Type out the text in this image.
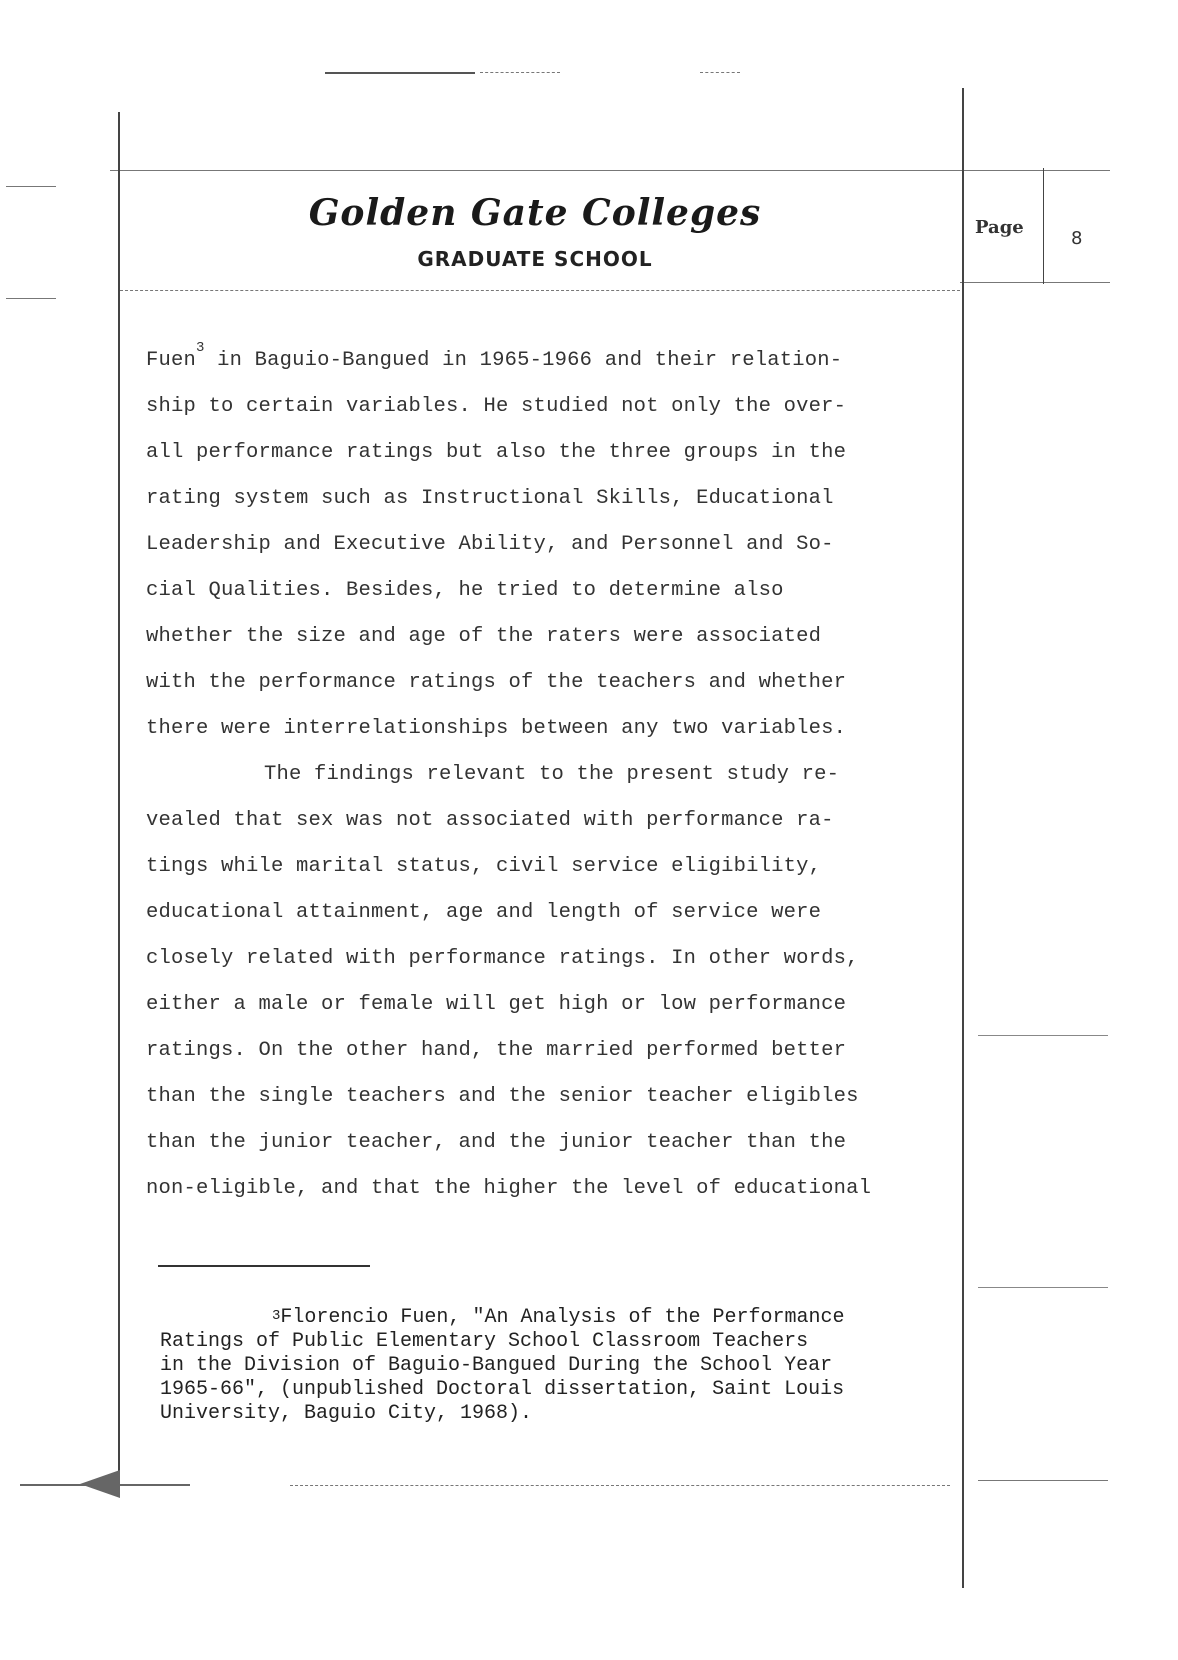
Golden Gate Colleges
GRADUATE SCHOOL
Page
8
Fuen$^3$ in Baguio-Bangued in 1965-1966 and their relation-
ship to certain variables. He studied not only the over-
all performance ratings but also the three groups in the
rating system such as Instructional Skills, Educational
Leadership and Executive Ability, and Personnel and So-
cial Qualities. Besides, he tried to determine also
whether the size and age of the raters were associated
with the performance ratings of the teachers and whether
there were interrelationships between any two variables.
The findings relevant to the present study re-
vealed that sex was not associated with performance ra-
tings while marital status, civil service eligibility,
educational attainment, age and length of service were
closely related with performance ratings. In other words,
either a male or female will get high or low performance
ratings. On the other hand, the married performed better
than the single teachers and the senior teacher eligibles
than the junior teacher, and the junior teacher than the
non-eligible, and that the higher the level of educational
$^3$Florencio Fuen, "An Analysis of the Performance
Ratings of Public Elementary School Classroom Teachers
in the Division of Baguio-Bangued During the School Year
1965-66", (unpublished Doctoral dissertation, Saint Louis
University, Baguio City, 1968).
